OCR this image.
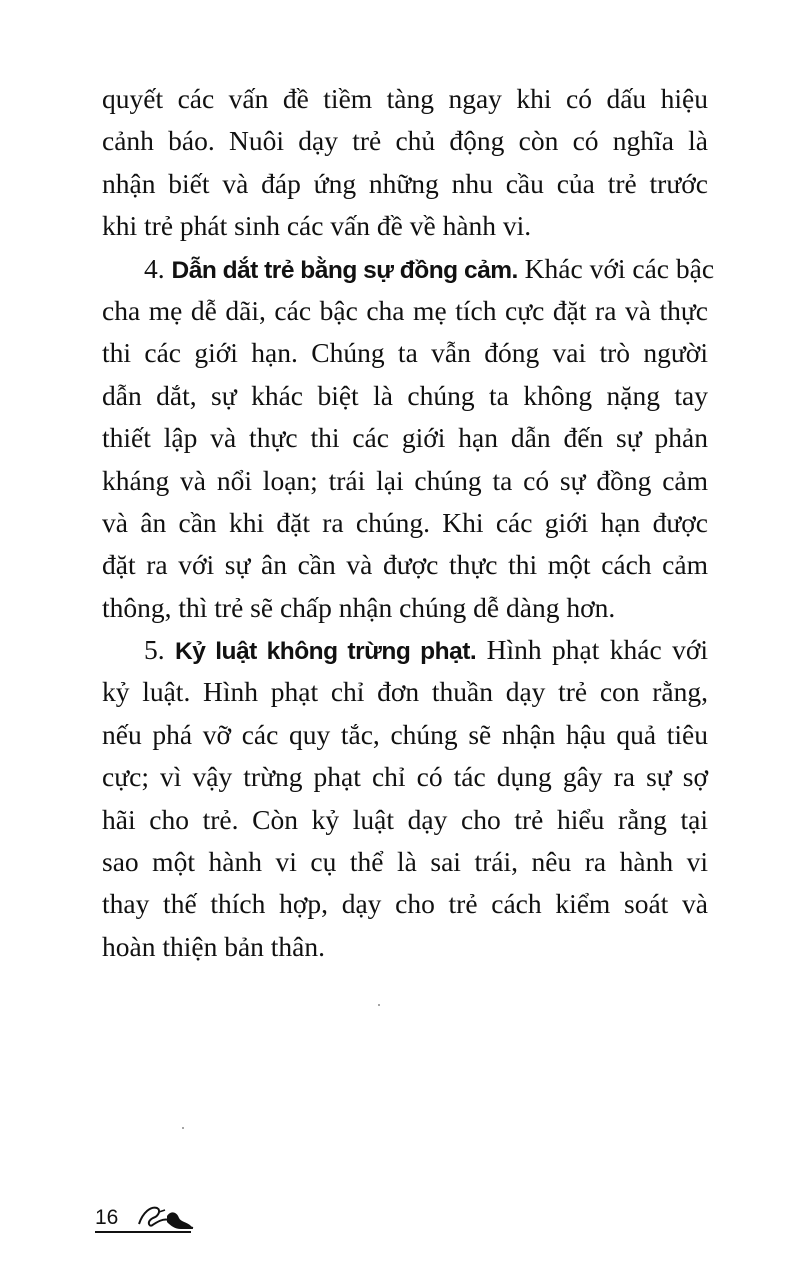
quyết các vấn đề tiềm tàng ngay khi có dấu hiệu
cảnh báo. Nuôi dạy trẻ chủ động còn có nghĩa là
nhận biết và đáp ứng những nhu cầu của trẻ trước
khi trẻ phát sinh các vấn đề về hành vi.
4. Dẫn dắt trẻ bằng sự đồng cảm. Khác với các bậc
cha mẹ dễ dãi, các bậc cha mẹ tích cực đặt ra và thực
thi các giới hạn. Chúng ta vẫn đóng vai trò người
dẫn dắt, sự khác biệt là chúng ta không nặng tay
thiết lập và thực thi các giới hạn dẫn đến sự phản
kháng và nổi loạn; trái lại chúng ta có sự đồng cảm
và ân cần khi đặt ra chúng. Khi các giới hạn được
đặt ra với sự ân cần và được thực thi một cách cảm
thông, thì trẻ sẽ chấp nhận chúng dễ dàng hơn.
5. Kỷ luật không trừng phạt. Hình phạt khác với
kỷ luật. Hình phạt chỉ đơn thuần dạy trẻ con rằng,
nếu phá vỡ các quy tắc, chúng sẽ nhận hậu quả tiêu
cực; vì vậy trừng phạt chỉ có tác dụng gây ra sự sợ
hãi cho trẻ. Còn kỷ luật dạy cho trẻ hiểu rằng tại
sao một hành vi cụ thể là sai trái, nêu ra hành vi
thay thế thích hợp, dạy cho trẻ cách kiểm soát và
hoàn thiện bản thân.
16
